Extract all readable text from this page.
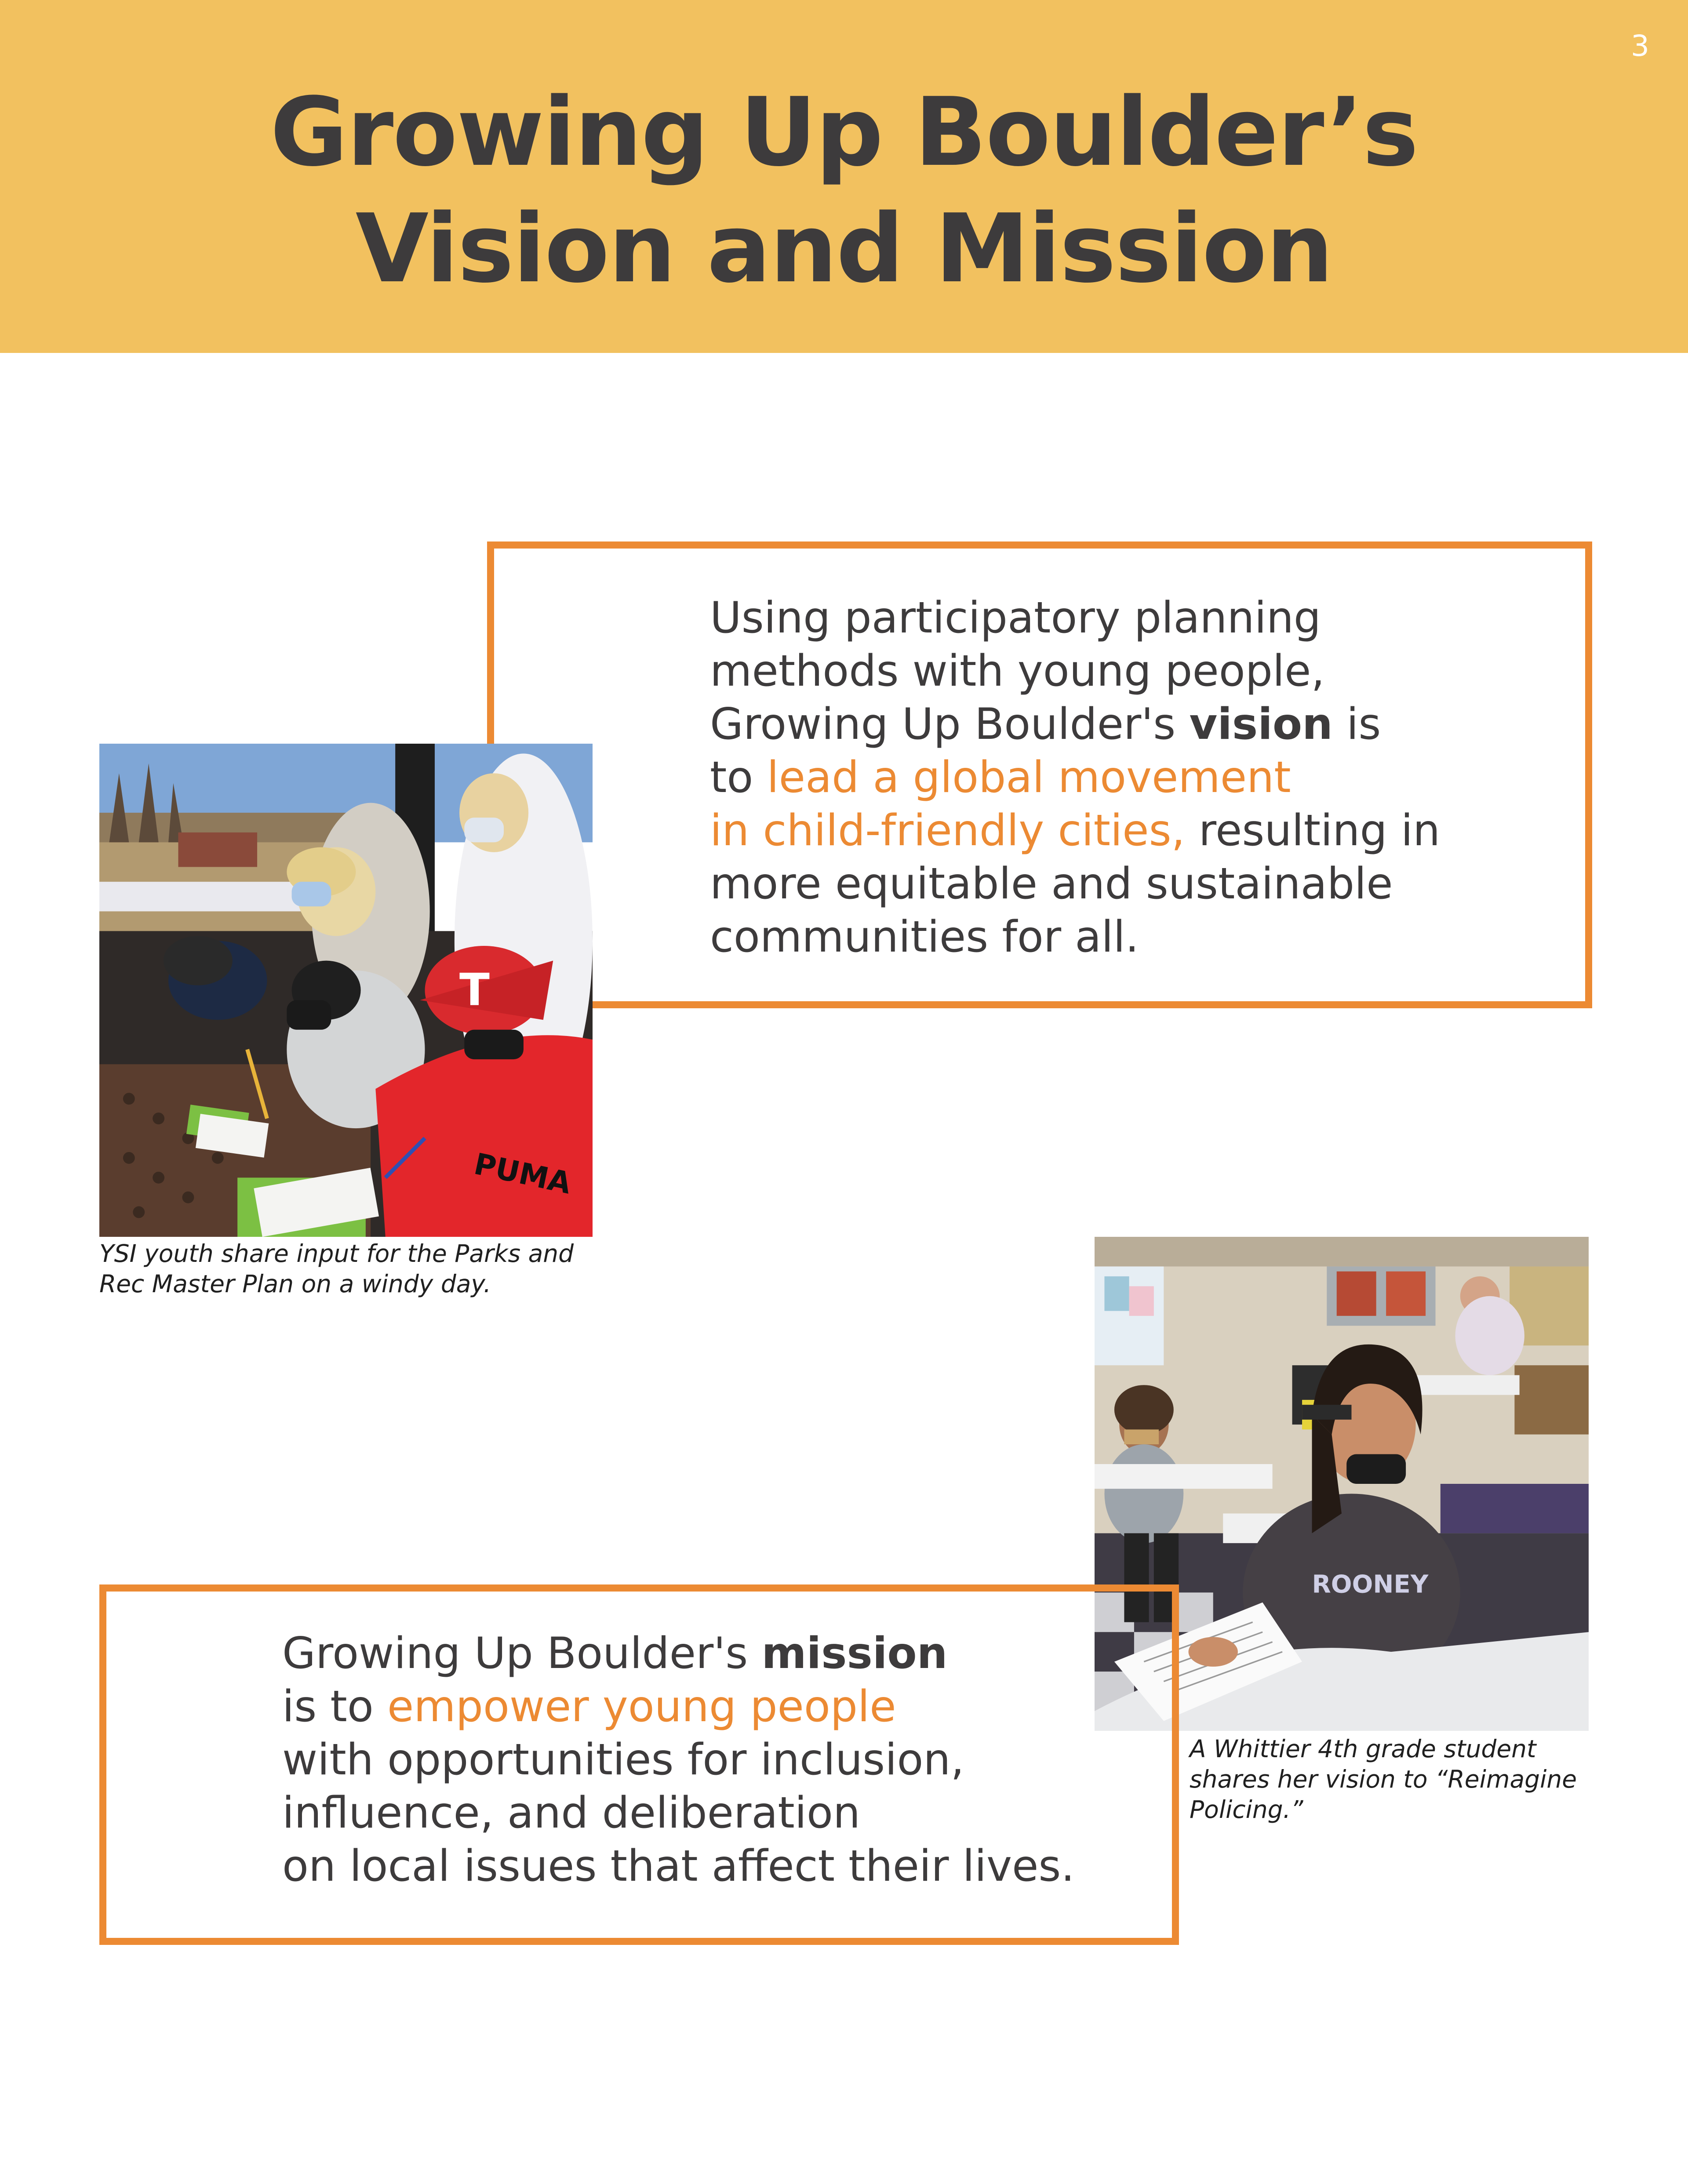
3
Growing Up Boulder’s
Vision and Mission
Using participatory planning
methods with young people,
Growing Up Boulder's vision is
to lead a global movement
in child-friendly cities, resulting in
more equitable and sustainable
communities for all.
T
PUMA
YSI youth share input for the Parks and
Rec Master Plan on a windy day.
ROONEY
A Whittier 4th grade student
shares her vision to “Reimagine
Policing.”
Growing Up Boulder's mission
is to empower young people
with opportunities for inclusion,
influence, and deliberation
on local issues that affect their lives.
